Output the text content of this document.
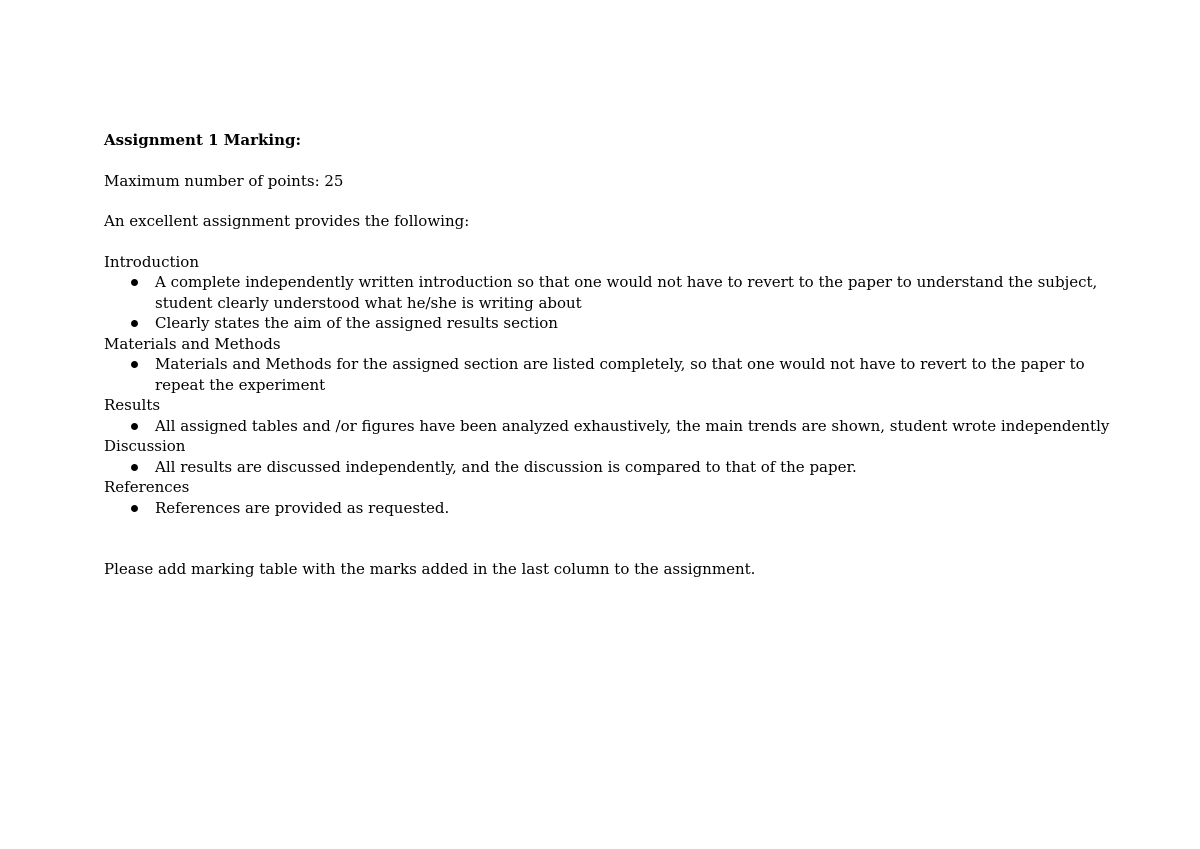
Assignment 1 Marking:
Maximum number of points: 25
An excellent assignment provides the following:
Introduction
A complete independently written introduction so that one would not have to revert to the paper to understand the subject, student clearly understood what he/she is writing about
Clearly states the aim of the assigned results section
Materials and Methods
Materials and Methods for the assigned section are listed completely, so that one would not have to revert to the paper to repeat the experiment
Results
All assigned tables and /or figures have been analyzed exhaustively, the main trends are shown, student wrote independently
Discussion
All results are discussed independently, and the discussion is compared to that of the paper.
References
References are provided as requested.
Please add marking table with the marks added in the last column to the assignment.
